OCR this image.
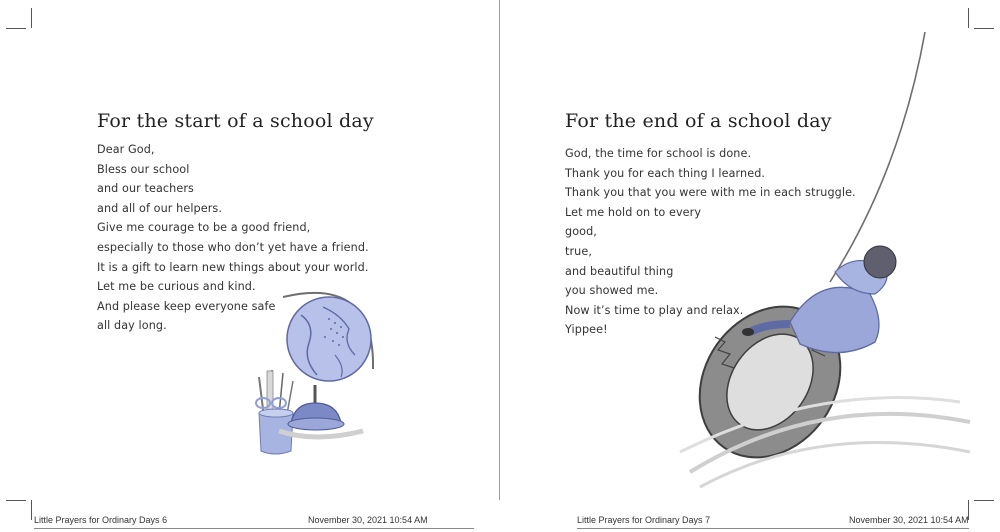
For the start of a school day
Dear God,
Bless our school
and our teachers
and all of our helpers.
Give me courage to be a good friend,
especially to those who don’t yet have a friend.
It is a gift to learn new things about your world.
Let me be curious and kind.
And please keep everyone safe
all day long.
Little Prayers for Ordinary Days 6	November 30, 2021 10:54 AM
For the end of a school day
God, the time for school is done.
Thank you for each thing I learned.
Thank you that you were with me in each struggle.
Let me hold on to every
good,
true,
and beautiful thing
you showed me.
Now it’s time to play and relax.
Yippee!
Little Prayers for Ordinary Days 7	November 30, 2021 10:54 AM
